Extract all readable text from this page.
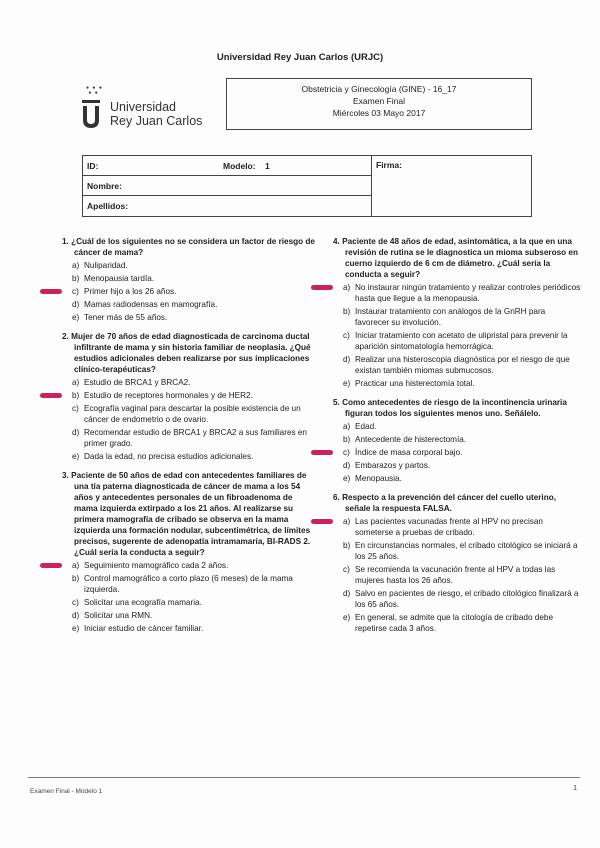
Universidad Rey Juan Carlos (URJC)
● ● ●
● ●
Universidad
Rey Juan Carlos
Obstetricia y Ginecología (GINE) - 16_17
Examen Final
Miércoles 03 Mayo 2017
ID:	Modelo: 1
Nombre:
Apellidos:
Firma:
1. ¿Cuál de los siguientes no se considera un factor de riesgo de cáncer de mama?
a) Nuliparidad.
b) Menopausia tardía.
c) Primer hijo a los 26 años.
d) Mamas radiodensas en mamografía.
e) Tener más de 55 años.
2. Mujer de 70 años de edad diagnosticada de carcinoma ductal infiltrante de mama y sin historia familiar de neoplasia. ¿Qué estudios adicionales deben realizarse por sus implicaciones clínico-terapéuticas?
a) Estudio de BRCA1 y BRCA2.
b) Estudio de receptores hormonales y de HER2.
c) Ecografía vaginal para descartar la posible existencia de un cáncer de endometrio o de ovario.
d) Recomendar estudio de BRCA1 y BRCA2 a sus familiares en primer grado.
e) Dada la edad, no precisa estudios adicionales.
3. Paciente de 50 años de edad con antecedentes familiares de una tía paterna diagnosticada de cáncer de mama a los 54 años y antecedentes personales de un fibroadenoma de mama izquierda extirpado a los 21 años. Al realizarse su primera mamografía de cribado se observa en la mama izquierda una formación nodular, subcentimétrica, de límites precisos, sugerente de adenopatía intramamaria, BI-RADS 2. ¿Cuál sería la conducta a seguir?
a) Seguimiento mamográfico cada 2 años.
b) Control mamográfico a corto plazo (6 meses) de la mama izquierda.
c) Solicitar una ecografía mamaria.
d) Solicitar una RMN.
e) Iniciar estudio de cáncer familiar.
4. Paciente de 48 años de edad, asintomática, a la que en una revisión de rutina se le diagnostica un mioma subseroso en cuerno izquierdo de 6 cm de diámetro. ¿Cuál sería la conducta a seguir?
a) No instaurar ningún tratamiento y realizar controles periódicos hasta que llegue a la menopausia.
b) Instaurar tratamiento con análogos de la GnRH para favorecer su involución.
c) Iniciar tratamiento con acetato de ulipristal para prevenir la aparición sintomatología hemorrágica.
d) Realizar una histeroscopia diagnóstica por el riesgo de que existan también miomas submucosos.
e) Practicar una histerectomía total.
5. Como antecedentes de riesgo de la incontinencia urinaria figuran todos los siguientes menos uno. Señálelo.
a) Edad.
b) Antecedente de histerectomía.
c) Índice de masa corporal bajo.
d) Embarazos y partos.
e) Menopausia.
6. Respecto a la prevención del cáncer del cuello uterino, señale la respuesta FALSA.
a) Las pacientes vacunadas frente al HPV no precisan someterse a pruebas de cribado.
b) En circunstancias normales, el cribado citológico se iniciará a los 25 años.
c) Se recomienda la vacunación frente al HPV a todas las mujeres hasta los 26 años.
d) Salvo en pacientes de riesgo, el cribado citológico finalizará a los 65 años.
e) En general, se admite que la citología de cribado debe repetirse cada 3 años.
Examen Final - Modelo 1	1
